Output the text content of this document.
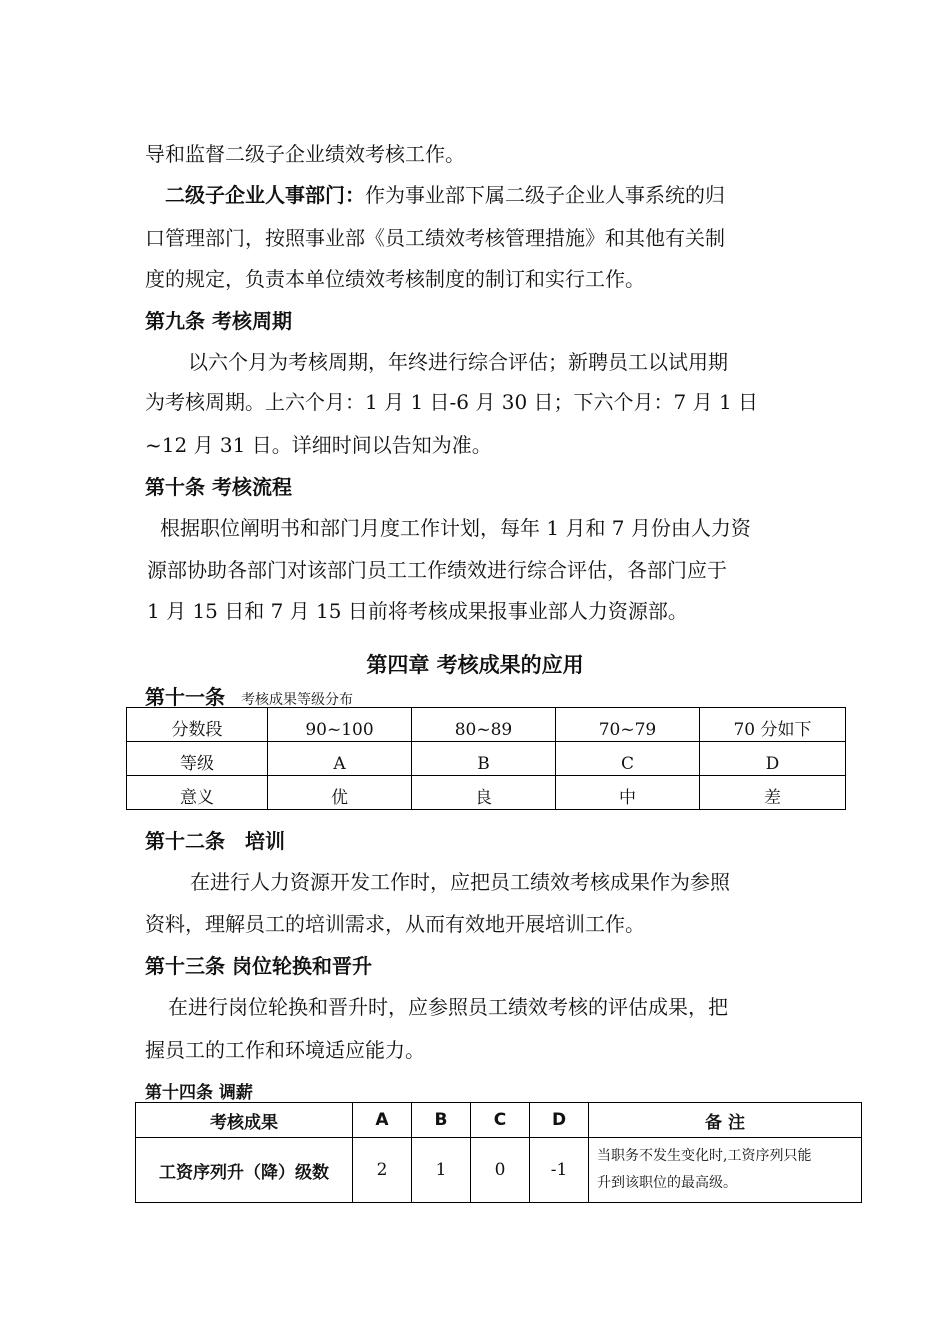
导和监督二级子企业绩效考核工作。
二级子企业人事部门：作为事业部下属二级子企业人事系统的归
口管理部门，按照事业部《员工绩效考核管理措施》和其他有关制
度的规定，负责本单位绩效考核制度的制订和实行工作。
第九条 考核周期
以六个月为考核周期，年终进行综合评估；新聘员工以试用期
为考核周期。上六个月：1 月 1 日-6 月 30 日；下六个月：7 月 1 日
~12 月 31 日。详细时间以告知为准。
第十条 考核流程
根据职位阐明书和部门月度工作计划，每年 1 月和 7 月份由人力资
源部协助各部门对该部门员工工作绩效进行综合评估，各部门应于
1 月 15 日和 7 月 15 日前将考核成果报事业部人力资源部。
第四章 考核成果的应用
第十一条 考核成果等级分布
分数段	90~100	80~89	70~79	70 分如下
等级	A	B	C	D
意义	优	良	中	差
第十二条　培训
在进行人力资源开发工作时，应把员工绩效考核成果作为参照
资料，理解员工的培训需求，从而有效地开展培训工作。
第十三条 岗位轮换和晋升
在进行岗位轮换和晋升时，应参照员工绩效考核的评估成果，把
握员工的工作和环境适应能力。
第十四条 调薪
考核成果	A	B	C	D	备 注
工资序列升（降）级数	2	1	0	-1	当职务不发生变化时,工资序列只能
升到该职位的最高级。
